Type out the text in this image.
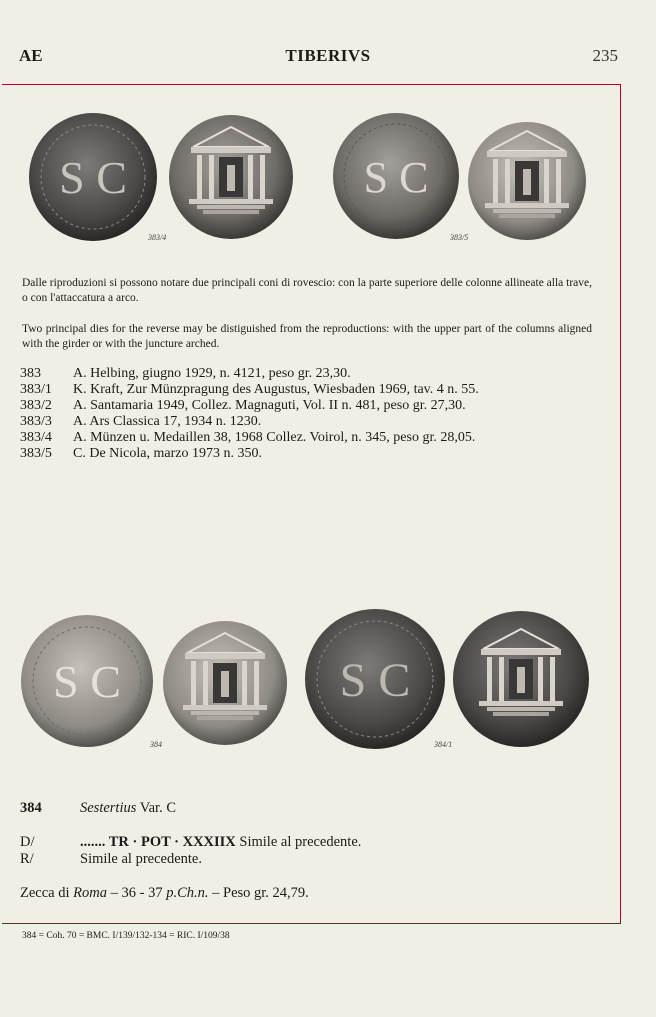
AE	TIBERIVS	235
S C	S C
383/4	383/5

Dalle riproduzioni si possono notare due principali coni di rovescio: con la parte superiore delle colonne allineate alla trave, o con l'attaccatura a arco.

Two principal dies for the reverse may be distiguished from the reproductions: with the upper part of the columns aligned with the girder or with the juncture arched.

383	A. Helbing, giugno 1929, n. 4121, peso gr. 23,30.
383/1	K. Kraft, Zur Münzpragung des Augustus, Wiesbaden 1969, tav. 4 n. 55.
383/2	A. Santamaria 1949, Collez. Magnaguti, Vol. II n. 481, peso gr. 27,30.
383/3	A. Ars Classica 17, 1934 n. 1230.
383/4	A. Münzen u. Medaillen 38, 1968 Collez. Voirol, n. 345, peso gr. 28,05.
383/5	C. De Nicola, marzo 1973 n. 350.
S C	S C
384	384/1
384	Sestertius Var. C
D/	....... TR · POT · XXXIIX Simile al precedente.
R/	Simile al precedente.
Zecca di Roma – 36 - 37 p.Ch.n. – Peso gr. 24,79.
384 = Coh. 70 = BMC. I/139/132-134 = RIC. I/109/38
